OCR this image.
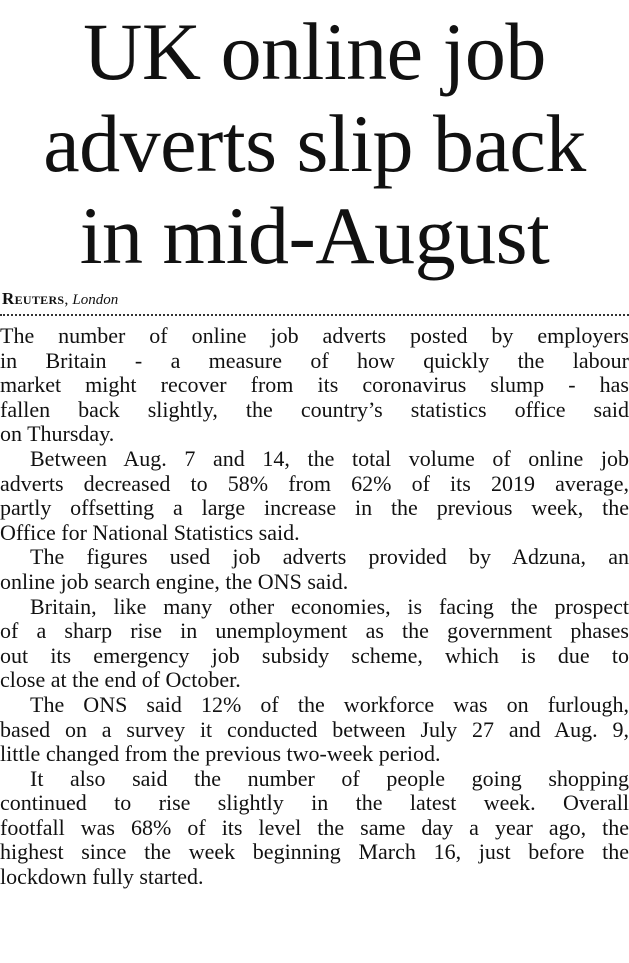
UK online job
adverts slip back
in mid-August
Reuters, London

The number of online job adverts posted by employers
in Britain - a measure of how quickly the labour
market might recover from its coronavirus slump - has
fallen back slightly, the country’s statistics office said
on Thursday.

Between Aug. 7 and 14, the total volume of online job
adverts decreased to 58% from 62% of its 2019 average,
partly offsetting a large increase in the previous week, the
Office for National Statistics said.

The figures used job adverts provided by Adzuna, an
online job search engine, the ONS said.

Britain, like many other economies, is facing the prospect
of a sharp rise in unemployment as the government phases
out its emergency job subsidy scheme, which is due to
close at the end of October.

The ONS said 12% of the workforce was on furlough,
based on a survey it conducted between July 27 and Aug. 9,
little changed from the previous two-week period.

It also said the number of people going shopping
continued to rise slightly in the latest week. Overall
footfall was 68% of its level the same day a year ago, the
highest since the week beginning March 16, just before the
lockdown fully started.
